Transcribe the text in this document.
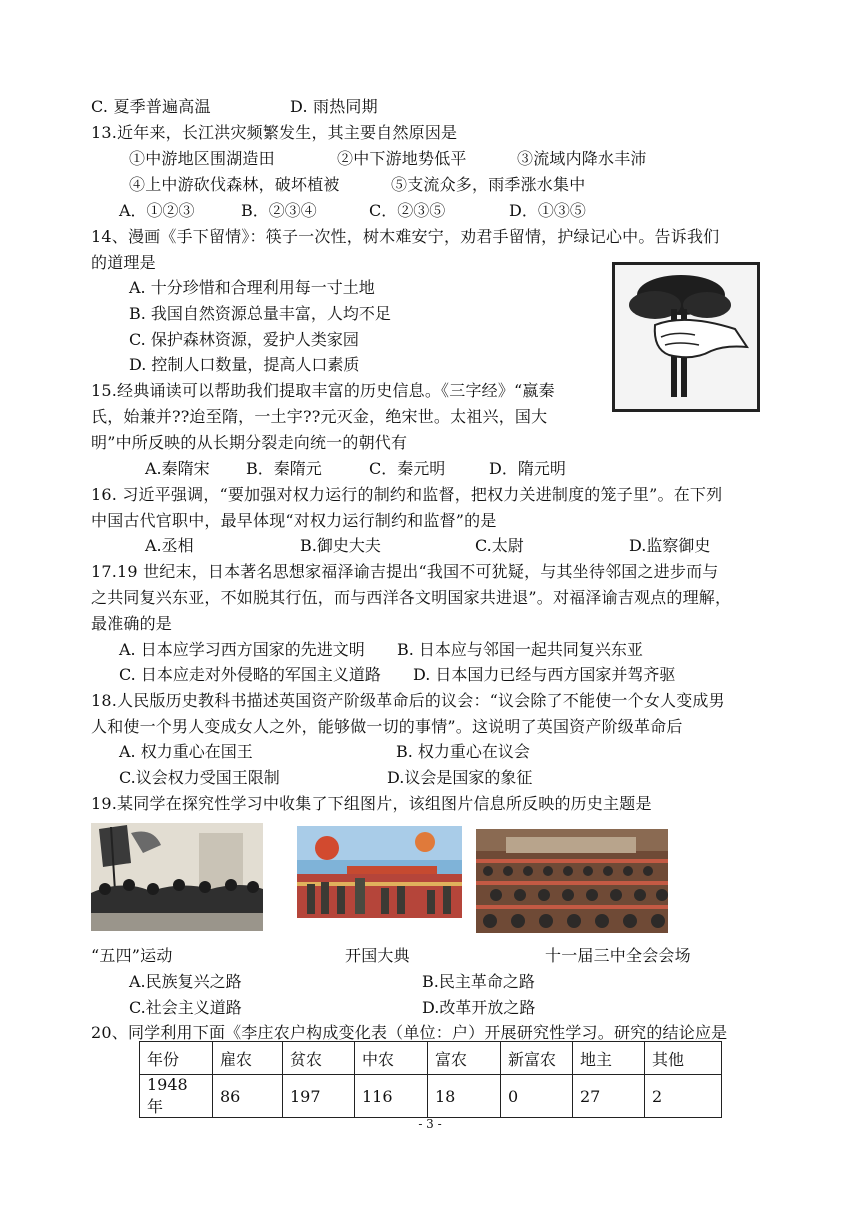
C. 夏季普遍高温	D. 雨热同期
13.近年来，长江洪灾频繁发生，其主要自然原因是
①中游地区围湖造田	②中下游地势低平	③流域内降水丰沛
④上中游砍伐森林，破坏植被	⑤支流众多，雨季涨水集中
A．①②③	B．②③④	C．②③⑤	D．①③⑤
14、漫画《手下留情》：筷子一次性，树木难安宁，劝君手留情，护绿记心中。告诉我们
的道理是
A. 十分珍惜和合理利用每一寸土地
B. 我国自然资源总量丰富，人均不足
C. 保护森林资源，爱护人类家园
D. 控制人口数量，提高人口素质
15.经典诵读可以帮助我们提取丰富的历史信息。《三字经》“嬴秦
氏，始兼并??迨至隋，一土宇??元灭金，绝宋世。太祖兴，国大
明”中所反映的从长期分裂走向统一的朝代有
A.秦隋宋 B．秦隋元	C．秦元明	D．隋元明
16. 习近平强调，“要加强对权力运行的制约和监督，把权力关进制度的笼子里”。在下列
中国古代官职中，最早体现“对权力运行制约和监督”的是
A.丞相	B.御史大夫	C.太尉	D.监察御史
17.19 世纪末，日本著名思想家福泽谕吉提出“我国不可犹疑，与其坐待邻国之进步而与
之共同复兴东亚，不如脱其行伍，而与西洋各文明国家共进退”。对福泽谕吉观点的理解，
最准确的是
A. 日本应学习西方国家的先进文明 B. 日本应与邻国一起共同复兴东亚
C. 日本应走对外侵略的军国主义道路 D. 日本国力已经与西方国家并驾齐驱
18.人民版历史教科书描述英国资产阶级革命后的议会：“议会除了不能使一个女人变成男
人和使一个男人变成女人之外，能够做一切的事情”。这说明了英国资产阶级革命后
A. 权力重心在国王	B. 权力重心在议会
C.议会权力受国王限制	D.议会是国家的象征
19.某同学在探究性学习中收集了下组图片，该组图片信息所反映的历史主题是
“五四”运动	开国大典	十一届三中全会会场
A.民族复兴之路	B.民主革命之路
C.社会主义道路	D.改革开放之路
20、同学利用下面《李庄农户构成变化表（单位：户）开展研究性学习。研究的结论应是
年份	雇农	贫农	中农	富农	新富农	地主	其他
1948 年	86	197	116	18	0	27	2
- 3 -
